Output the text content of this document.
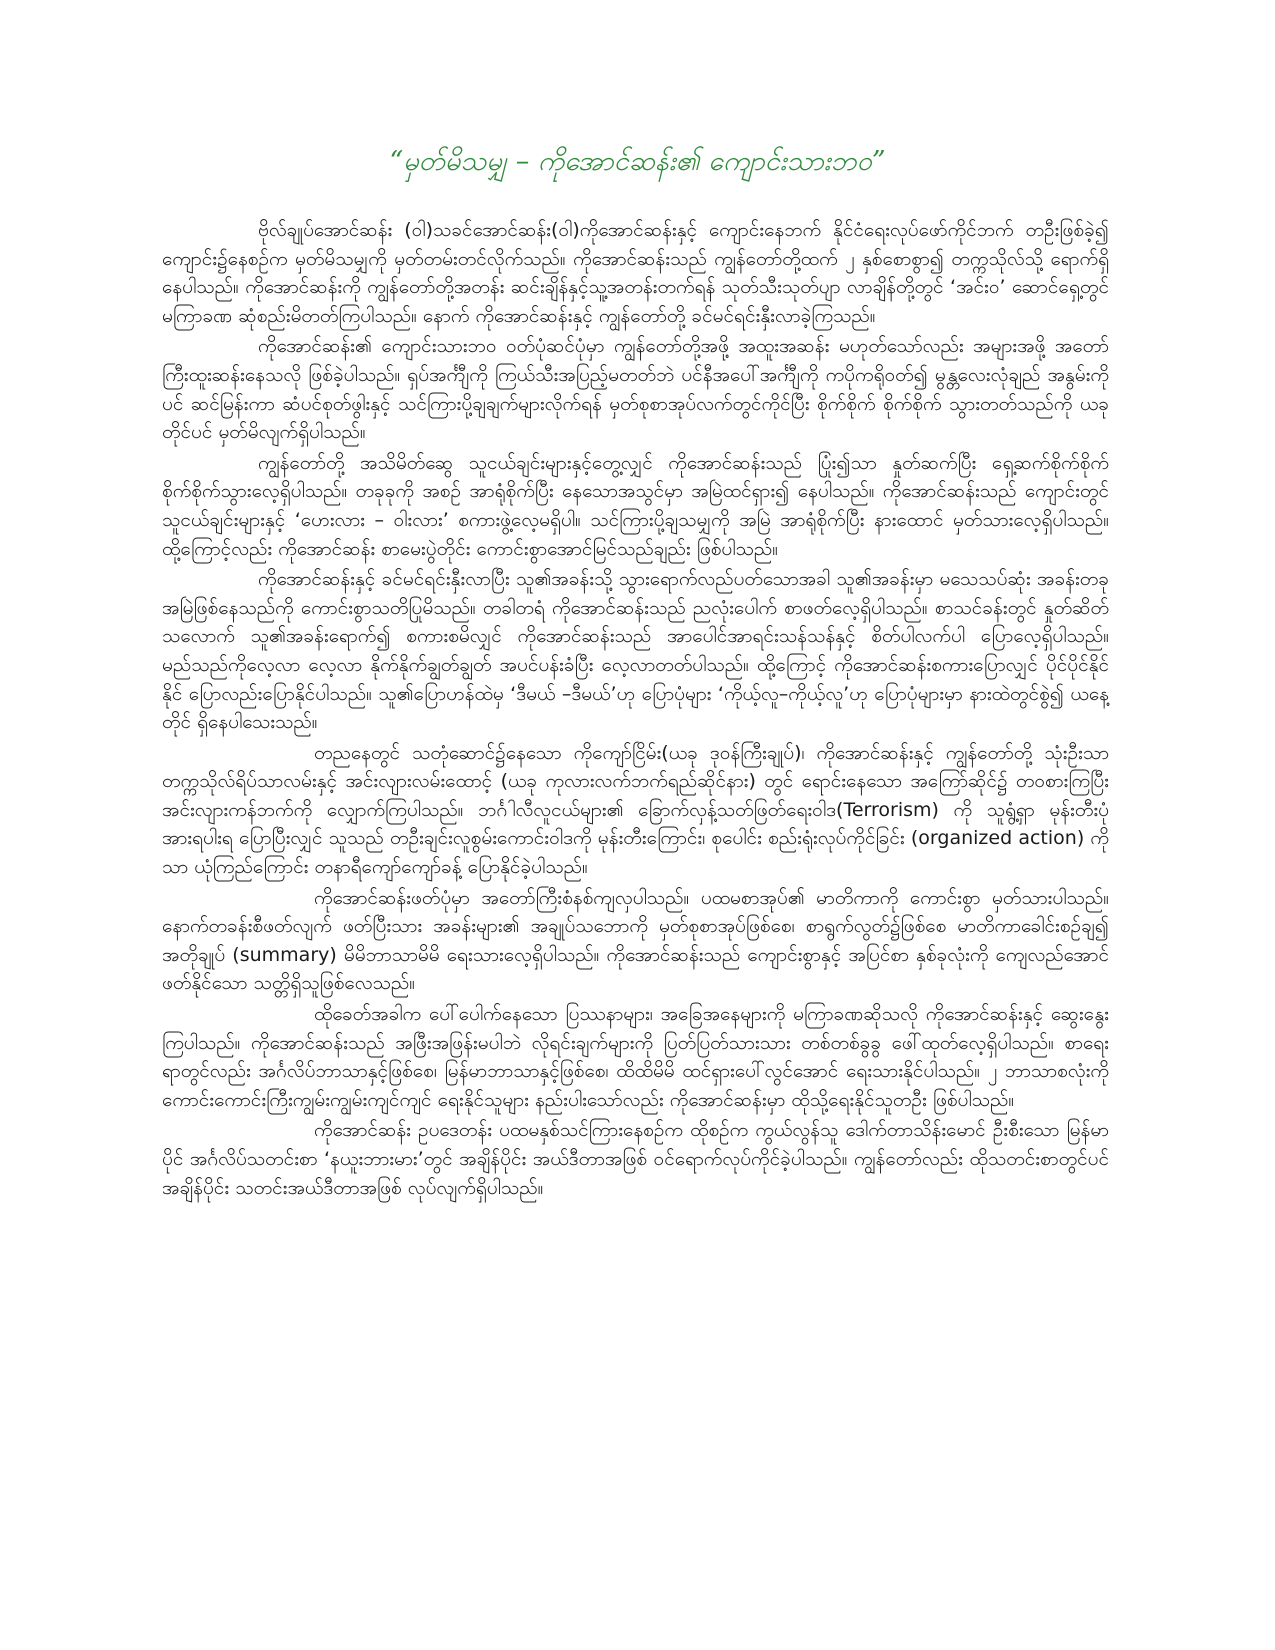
“မှတ်မိသမျှ – ကိုအောင်ဆန်း၏ ကျောင်းသားဘဝ”

ဗိုလ်ချုပ်အောင်ဆန်း (ဝါ)သခင်အောင်ဆန်း(ဝါ)ကိုအောင်ဆန်းနှင့် ကျောင်းနေဘက် နိုင်ငံရေးလုပ်ဖော်ကိုင်ဘက် တဦးဖြစ်ခဲ့၍ ကျောင်း၌နေစဉ်က မှတ်မိသမျှကို မှတ်တမ်းတင်လိုက်သည်။ ကိုအောင်ဆန်းသည် ကျွန်တော်တို့ထက် ၂ နှစ်စောစွာ၍ တက္ကသိုလ်သို့ ရောက်ရှိနေပါသည်။ ကိုအောင်ဆန်းကို ကျွန်တော်တို့အတန်း ဆင်းချိန်နှင့်သူ့အတန်းတက်ရန် သုတ်သီးသုတ်ပျာ လာချိန်တို့တွင် ‘အင်းဝ’ ဆောင်ရှေ့တွင် မကြာခဏ ဆုံစည်းမိတတ်ကြပါသည်။ နောက် ကိုအောင်ဆန်းနှင့် ကျွန်တော်တို့ ခင်မင်ရင်းနှီးလာခဲ့ကြသည်။

ကိုအောင်ဆန်း၏ ကျောင်းသားဘဝ ဝတ်ပုံဆင်ပုံမှာ ကျွန်တော်တို့အဖို့ အထူးအဆန်း မဟုတ်သော်လည်း အများအဖို့ အတော်ကြီးထူးဆန်းနေသလို ဖြစ်ခဲ့ပါသည်။ ရှပ်အင်္ကျီကို ကြယ်သီးအပြည့်မတတ်ဘဲ ပင်နီအပေါ်အင်္ကျီကို ကပိုကရိုဝတ်၍ မွန္တလေးလုံချည် အနွမ်းကိုပင် ဆင်မြန်းကာ ဆံပင်စုတ်ဖွါးနှင့် သင်ကြားပို့ချချက်များလိုက်ရန် မှတ်စုစာအုပ်လက်တွင်ကိုင်ပြီး စိုက်စိုက် စိုက်စိုက် သွားတတ်သည်ကို ယခုတိုင်ပင် မှတ်မိလျက်ရှိပါသည်။

ကျွန်တော်တို့ အသိမိတ်ဆွေ သူငယ်ချင်းများနှင့်တွေ့လျှင် ကိုအောင်ဆန်းသည် ပြုံး၍သာ နှုတ်ဆက်ပြီး ရှေ့ဆက်စိုက်စိုက် စိုက်စိုက်သွားလေ့ရှိပါသည်။ တခုခုကို အစဉ် အာရုံစိုက်ပြီး နေသောအသွင်မှာ အမြဲထင်ရှား၍ နေပါသည်။ ကိုအောင်ဆန်းသည် ကျောင်းတွင် သူငယ်ချင်းများနှင့် ‘ဟေးလား – ဝါးလား’ စကားဖွဲ့လေ့မရှိပါ။ သင်ကြားပို့ချသမျှကို အမြဲ အာရုံစိုက်ပြီး နားထောင် မှတ်သားလေ့ရှိပါသည်။ ထို့ကြောင့်လည်း ကိုအောင်ဆန်း စာမေးပွဲတိုင်း ကောင်းစွာအောင်မြင်သည်ချည်း ဖြစ်ပါသည်။

ကိုအောင်ဆန်းနှင့် ခင်မင်ရင်းနှီးလာပြီး သူ၏အခန်းသို့ သွားရောက်လည်ပတ်သောအခါ သူ၏အခန်းမှာ မသေသပ်ဆုံး အခန်းတခု အမြဲဖြစ်နေသည်ကို ကောင်းစွာသတိပြုမိသည်။ တခါတရံ ကိုအောင်ဆန်းသည် ညလုံးပေါက် စာဖတ်လေ့ရှိပါသည်။ စာသင်ခန်းတွင် နှုတ်ဆိတ်သလောက် သူ၏အခန်းရောက်၍ စကားစမိလျှင် ကိုအောင်ဆန်းသည် အာပေါင်အာရင်းသန်သန်နှင့် စိတ်ပါလက်ပါ ပြောလေ့ရှိပါသည်။ မည်သည်ကိုလေ့လာ လေ့လာ နိုက်နိုက်ချွတ်ချွတ် အပင်ပန်းခံပြီး လေ့လာတတ်ပါသည်။ ထို့ကြောင့် ကိုအောင်ဆန်းစကားပြောလျှင် ပိုင်ပိုင်နိုင်နိုင် ပြောလည်းပြောနိုင်ပါသည်။ သူ၏ပြောဟန်ထဲမှ ‘ဒီမယ် –ဒီမယ်’ဟု ပြောပုံများ ‘ကိုယ့်လူ–ကိုယ့်လူ’ဟု ပြောပုံများမှာ နားထဲတွင်စွဲ၍ ယနေ့တိုင် ရှိနေပါသေးသည်။

တညနေတွင် သတုံဆောင်၌နေသော ကိုကျော်ငြိမ်း(ယခု ဒုဝန်ကြီးချုပ်)၊ ကိုအောင်ဆန်းနှင့် ကျွန်တော်တို့ သုံးဦးသာ တက္ကသိုလ်ရိပ်သာလမ်းနှင့် အင်းလျားလမ်းထောင့် (ယခု ကုလားလက်ဘက်ရည်ဆိုင်နား) တွင် ရောင်းနေသော အကြော်ဆိုင်၌ တဝစားကြပြီး အင်းလျားကန်ဘက်ကို လျှောက်ကြပါသည်။ ဘင်္ဂါလီလူငယ်များ၏ ခြောက်လှန့်သတ်ဖြတ်ရေးဝါဒ(Terrorism) ကို သူရွံ့ရှာ မုန်းတီးပုံ အားရပါးရ ပြောပြီးလျှင် သူသည် တဦးချင်းလူစွမ်းကောင်းဝါဒကို မုန်းတီးကြောင်း၊ စုပေါင်း စည်းရုံးလုပ်ကိုင်ခြင်း (organized action) ကိုသာ ယုံကြည်ကြောင်း တနာရီကျော်ကျော်ခန့် ပြောနိုင်ခဲ့ပါသည်။

ကိုအောင်ဆန်းဖတ်ပုံမှာ အတော်ကြီးစံနစ်ကျလှပါသည်။ ပထမစာအုပ်၏ မာတိကာကို ကောင်းစွာ မှတ်သားပါသည်။ နောက်တခန်းစီဖတ်လျက် ဖတ်ပြီးသား အခန်းများ၏ အချုပ်သဘောကို မှတ်စုစာအုပ်ဖြစ်စေ၊ စာရွက်လွတ်၌ဖြစ်စေ မာတိကာခေါင်းစဉ်ချ၍ အတိုချုပ် (summary) မိမိဘာသာမိမိ ရေးသားလေ့ရှိပါသည်။ ကိုအောင်ဆန်းသည် ကျောင်းစွာနှင့် အပြင်စာ နှစ်ခုလုံးကို ကျေလည်အောင် ဖတ်နိုင်သော သတ္တိရှိသူဖြစ်လေသည်။

ထိုခေတ်အခါက ပေါ်ပေါက်နေသော ပြဿနာများ၊ အခြေအနေများကို မကြာခဏဆိုသလို ကိုအောင်ဆန်းနှင့် ဆွေးနွေးကြပါသည်။ ကိုအောင်ဆန်းသည် အဖြီးအဖြန်းမပါဘဲ လိုရင်းချက်များကို ပြတ်ပြတ်သားသား တစ်တစ်ခွခွ ဖေါ်ထုတ်လေ့ရှိပါသည်။ စာရေးရာတွင်လည်း အင်္ဂလိပ်ဘာသာနှင့်ဖြစ်စေ၊ မြန်မာဘာသာနှင့်ဖြစ်စေ၊ ထိထိမိမိ ထင်ရှားပေါ်လွင်အောင် ရေးသားနိုင်ပါသည်။ ၂ ဘာသာစလုံးကို ကောင်းကောင်းကြီးကျွမ်းကျွမ်းကျင်ကျင် ရေးနိုင်သူများ နည်းပါးသော်လည်း ကိုအောင်ဆန်းမှာ ထိုသို့ရေးနိုင်သူတဦး ဖြစ်ပါသည်။

ကိုအောင်ဆန်း ဥပဒေတန်း ပထမနှစ်သင်ကြားနေစဉ်က ထိုစဉ်က ကွယ်လွန်သူ ဒေါက်တာသိန်းမောင် ဦးစီးသော မြန်မာပိုင် အင်္ဂလိပ်သတင်းစာ ‘နယူးဘားမား’တွင် အချိန်ပိုင်း အယ်ဒီတာအဖြစ် ဝင်ရောက်လုပ်ကိုင်ခဲ့ပါသည်။ ကျွန်တော်လည်း ထိုသတင်းစာတွင်ပင် အချိန်ပိုင်း သတင်းအယ်ဒီတာအဖြစ် လုပ်လျက်ရှိပါသည်။
